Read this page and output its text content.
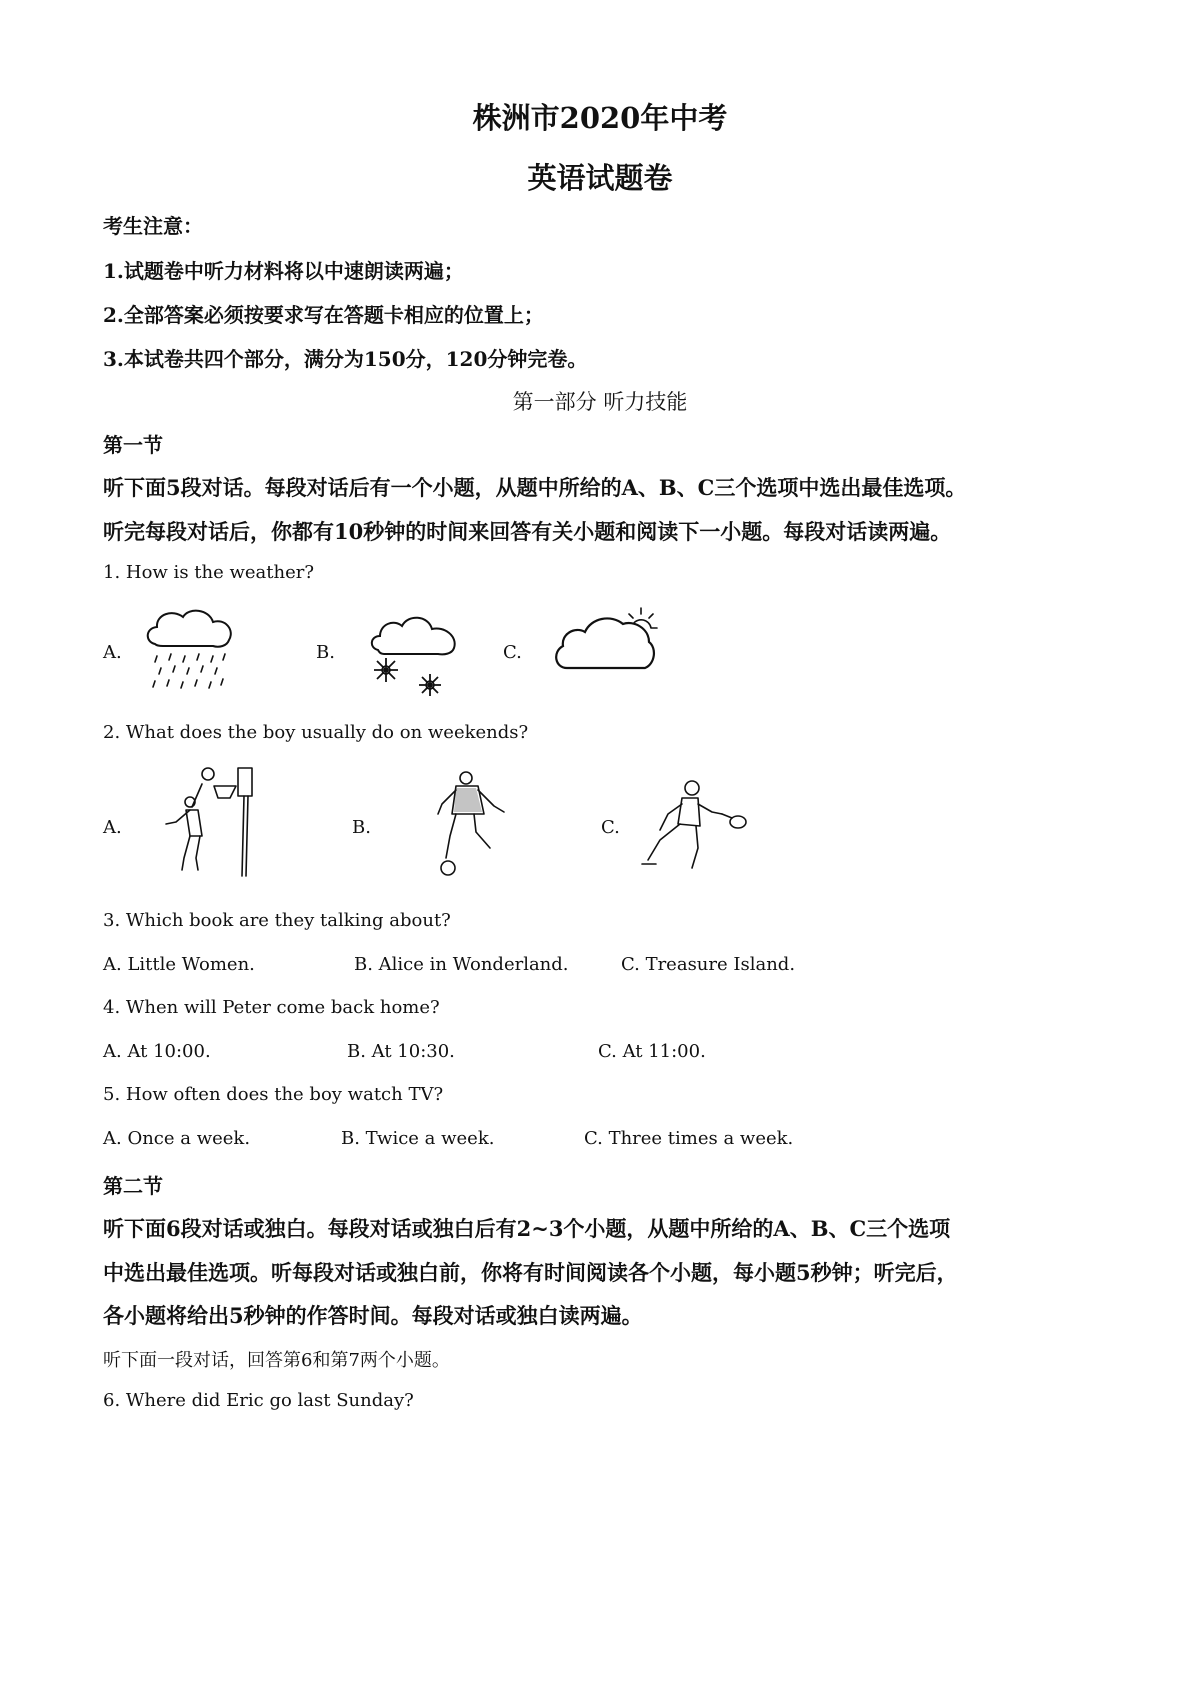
株洲市2020年中考
英语试题卷
考生注意：
1.试题卷中听力材料将以中速朗读两遍；
2.全部答案必须按要求写在答题卡相应的位置上；
3.本试卷共四个部分，满分为150分，120分钟完卷。
第一部分 听力技能
第一节
听下面5段对话。每段对话后有一个小题，从题中所给的A、B、C三个选项中选出最佳选项。
听完每段对话后，你都有10秒钟的时间来回答有关小题和阅读下一小题。每段对话读两遍。
1. How is the weather?
A.	B.	C.
2. What does the boy usually do on weekends?
A.	B.	C.
3. Which book are they talking about?
A. Little Women.	B. Alice in Wonderland.	C. Treasure Island.
4. When will Peter come back home?
A. At 10:00.	B. At 10:30.	C. At 11:00.
5. How often does the boy watch TV?
A. Once a week.	B. Twice a week.	C. Three times a week.
第二节
听下面6段对话或独白。每段对话或独白后有2~3个小题，从题中所给的A、B、C三个选项
中选出最佳选项。听每段对话或独白前，你将有时间阅读各个小题，每小题5秒钟；听完后，
各小题将给出5秒钟的作答时间。每段对话或独白读两遍。
听下面一段对话，回答第6和第7两个小题。
6. Where did Eric go last Sunday?
